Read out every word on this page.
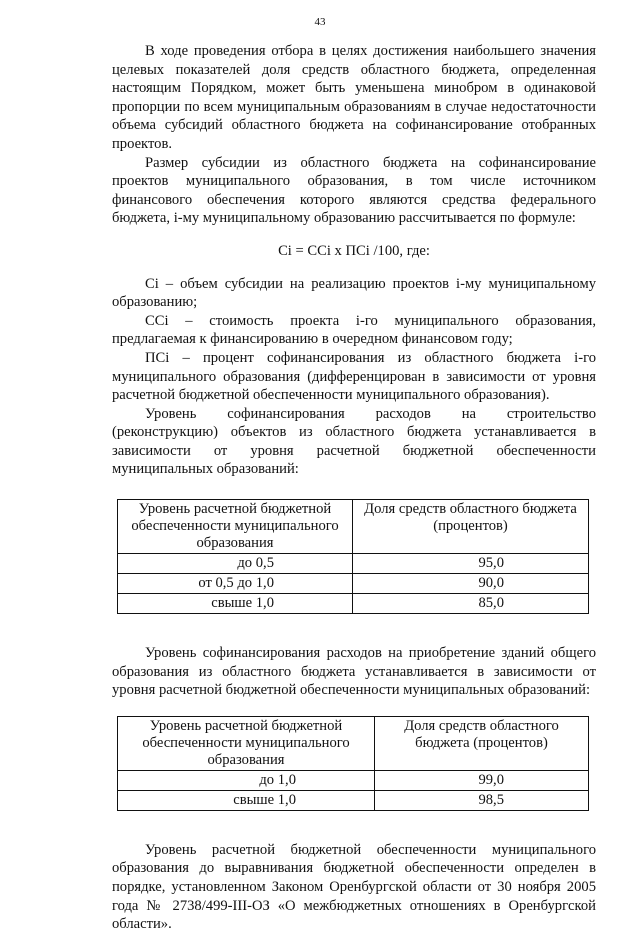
43

В ходе проведения отбора в целях достижения наибольшего значения целевых показателей доля средств областного бюджета, определенная настоящим Порядком, может быть уменьшена минобром в одинаковой пропорции по всем муниципальным образованиям в случае недостаточности объема субсидий областного бюджета на софинансирование отобранных проектов.

Размер субсидии из областного бюджета на софинансирование проектов муниципального образования, в том числе источником финансового обеспечения которого являются средства федерального бюджета, i-му муниципальному образованию рассчитывается по формуле:

Ci = CCi x ПСi /100, где:

Ci – объем субсидии на реализацию проектов i-му муниципальному образованию;

CCi – стоимость проекта i-го муниципального образования, предлагаемая к финансированию в очередном финансовом году;

ПСi – процент софинансирования из областного бюджета i-го муниципального образования (дифференцирован в зависимости от уровня расчетной бюджетной обеспеченности муниципального образования).

Уровень софинансирования расходов на строительство (реконструкцию) объектов из областного бюджета устанавливается в зависимости от уровня расчетной бюджетной обеспеченности муниципальных образований:

Уровень расчетной бюджетной обеспеченности муниципального образования	Доля средств областного бюджета (процентов)
до 0,5	95,0
от 0,5 до 1,0	90,0
свыше 1,0	85,0

Уровень софинансирования расходов на приобретение зданий общего образования из областного бюджета устанавливается в зависимости от уровня расчетной бюджетной обеспеченности муниципальных образований:

Уровень расчетной бюджетной обеспеченности муниципального образования	Доля средств областного бюджета (процентов)
до 1,0	99,0
свыше 1,0	98,5

Уровень расчетной бюджетной обеспеченности муниципального образования до выравнивания бюджетной обеспеченности определен в порядке, установленном Законом Оренбургской области от 30 ноября 2005 года № 2738/499-III-ОЗ «О межбюджетных отношениях в Оренбургской области».
